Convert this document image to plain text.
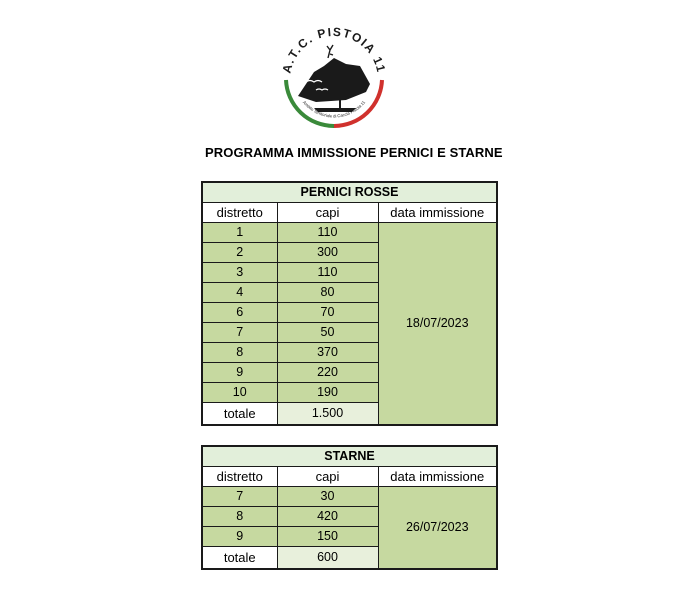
A.T.C. PISTOIA 11
Ambito Territoriale di Caccia Pistoia 11
PROGRAMMA IMMISSIONE PERNICI E STARNE
PERNICI ROSSE		
distretto	capi	data immissione
1	110	18/07/2023
2	300	
3	110	
4	80	
6	70	
7	50	
8	370	
9	220	
10	190	
totale	1.500	
STARNE		
distretto	capi	data immissione
7	30	26/07/2023
8	420	
9	150	
totale	600	
